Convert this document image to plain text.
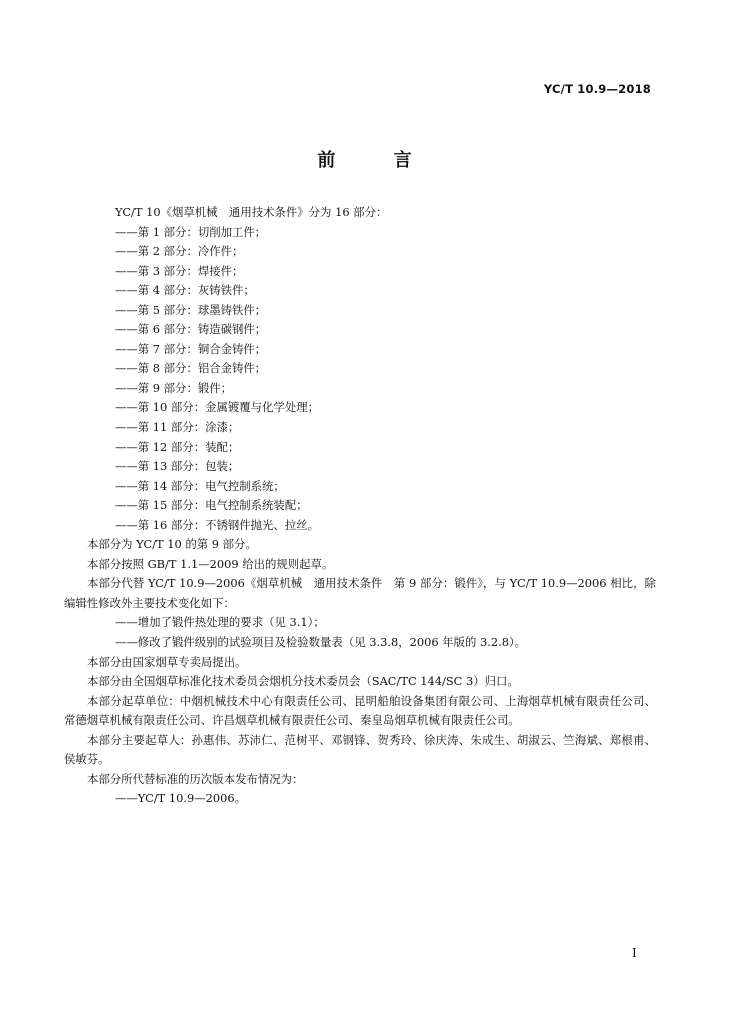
YC/T 10.9—2018
前 言
YC/T 10《烟草机械　通用技术条件》分为 16 部分：
——第 1 部分：切削加工件；
——第 2 部分：冷作件；
——第 3 部分：焊接件；
——第 4 部分：灰铸铁件；
——第 5 部分：球墨铸铁件；
——第 6 部分：铸造碳钢件；
——第 7 部分：铜合金铸件；
——第 8 部分：铝合金铸件；
——第 9 部分：锻件；
——第 10 部分：金属镀覆与化学处理；
——第 11 部分：涂漆；
——第 12 部分：装配；
——第 13 部分：包装；
——第 14 部分：电气控制系统；
——第 15 部分：电气控制系统装配；
——第 16 部分：不锈钢件抛光、拉丝。
本部分为 YC/T 10 的第 9 部分。
本部分按照 GB/T 1.1—2009 给出的规则起草。
本部分代替 YC/T 10.9—2006《烟草机械　通用技术条件　第 9 部分：锻件》，与 YC/T 10.9—2006 相比，除编辑性修改外主要技术变化如下：
——增加了锻件热处理的要求（见 3.1）；
——修改了锻件级别的试验项目及检验数量表（见 3.3.8，2006 年版的 3.2.8）。
本部分由国家烟草专卖局提出。
本部分由全国烟草标准化技术委员会烟机分技术委员会（SAC/TC 144/SC 3）归口。
本部分起草单位：中烟机械技术中心有限责任公司、昆明船舶设备集团有限公司、上海烟草机械有限责任公司、常德烟草机械有限责任公司、许昌烟草机械有限责任公司、秦皇岛烟草机械有限责任公司。
本部分主要起草人：孙惠伟、苏沛仁、范树平、邓钢锋、贺秀玲、徐庆涛、朱成生、胡淑云、竺海斌、郑根甫、侯敏芬。
本部分所代替标准的历次版本发布情况为：
——YC/T 10.9—2006。
I
